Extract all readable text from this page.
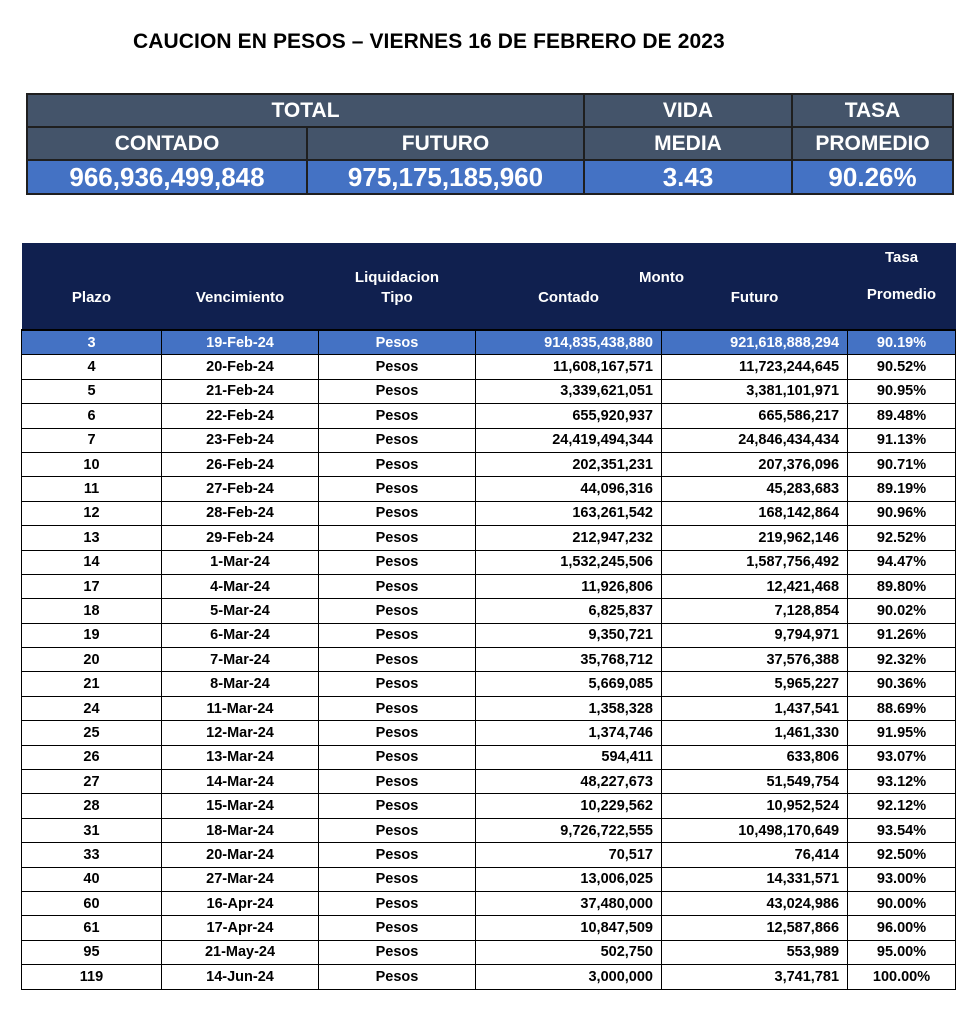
CAUCION EN PESOS – VIERNES 16 DE FEBRERO DE 2023
TOTAL		VIDA	TASA
CONTADO	FUTURO	MEDIA	PROMEDIO
966,936,499,848	975,175,185,960	3.43	90.26%
		Liquidacion	Monto		Tasa
Plazo	Vencimiento	Tipo	Contado	Futuro	Promedio
3	19-Feb-24	Pesos	914,835,438,880	921,618,888,294	90.19%
4	20-Feb-24	Pesos	11,608,167,571	11,723,244,645	90.52%
5	21-Feb-24	Pesos	3,339,621,051	3,381,101,971	90.95%
6	22-Feb-24	Pesos	655,920,937	665,586,217	89.48%
7	23-Feb-24	Pesos	24,419,494,344	24,846,434,434	91.13%
10	26-Feb-24	Pesos	202,351,231	207,376,096	90.71%
11	27-Feb-24	Pesos	44,096,316	45,283,683	89.19%
12	28-Feb-24	Pesos	163,261,542	168,142,864	90.96%
13	29-Feb-24	Pesos	212,947,232	219,962,146	92.52%
14	1-Mar-24	Pesos	1,532,245,506	1,587,756,492	94.47%
17	4-Mar-24	Pesos	11,926,806	12,421,468	89.80%
18	5-Mar-24	Pesos	6,825,837	7,128,854	90.02%
19	6-Mar-24	Pesos	9,350,721	9,794,971	91.26%
20	7-Mar-24	Pesos	35,768,712	37,576,388	92.32%
21	8-Mar-24	Pesos	5,669,085	5,965,227	90.36%
24	11-Mar-24	Pesos	1,358,328	1,437,541	88.69%
25	12-Mar-24	Pesos	1,374,746	1,461,330	91.95%
26	13-Mar-24	Pesos	594,411	633,806	93.07%
27	14-Mar-24	Pesos	48,227,673	51,549,754	93.12%
28	15-Mar-24	Pesos	10,229,562	10,952,524	92.12%
31	18-Mar-24	Pesos	9,726,722,555	10,498,170,649	93.54%
33	20-Mar-24	Pesos	70,517	76,414	92.50%
40	27-Mar-24	Pesos	13,006,025	14,331,571	93.00%
60	16-Apr-24	Pesos	37,480,000	43,024,986	90.00%
61	17-Apr-24	Pesos	10,847,509	12,587,866	96.00%
95	21-May-24	Pesos	502,750	553,989	95.00%
119	14-Jun-24	Pesos	3,000,000	3,741,781	100.00%
